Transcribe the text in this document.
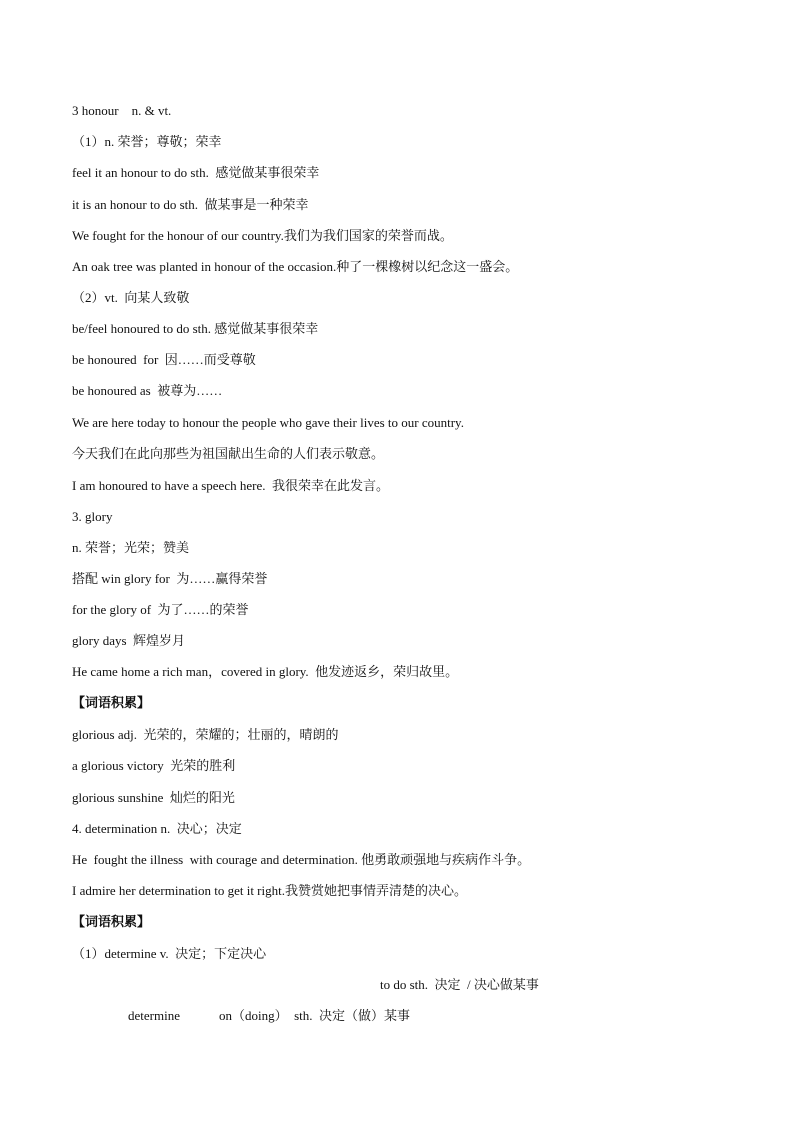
3 honour    n. & vt.
（1）n. 荣誉；尊敬；荣幸
feel it an honour to do sth.  感觉做某事很荣幸
it is an honour to do sth.  做某事是一种荣幸
We fought for the honour of our country.我们为我们国家的荣誉而战。
An oak tree was planted in honour of the occasion.种了一棵橡树以纪念这一盛会。
（2）vt.  向某人致敬
be/feel honoured to do sth. 感觉做某事很荣幸
be honoured  for  因……而受尊敬
be honoured as  被尊为……
We are here today to honour the people who gave their lives to our country.
今天我们在此向那些为祖国献出生命的人们表示敬意。
I am honoured to have a speech here.  我很荣幸在此发言。
3. glory
n. 荣誉；光荣；赞美
搭配 win glory for  为……赢得荣誉
for the glory of  为了……的荣誉
glory days  辉煌岁月
He came home a rich man，covered in glory.  他发迹返乡，荣归故里。
【词语积累】
glorious adj.  光荣的，荣耀的；壮丽的，晴朗的
a glorious victory  光荣的胜利
glorious sunshine  灿烂的阳光
4. determination n.  决心；决定
He  fought the illness  with courage and determination. 他勇敢顽强地与疾病作斗争。
I admire her determination to get it right.我赞赏她把事情弄清楚的决心。
【词语积累】
（1）determine v.  决定；下定决心
to do sth.  决定  / 决心做某事
determine            on（doing）  sth.  决定（做）某事
